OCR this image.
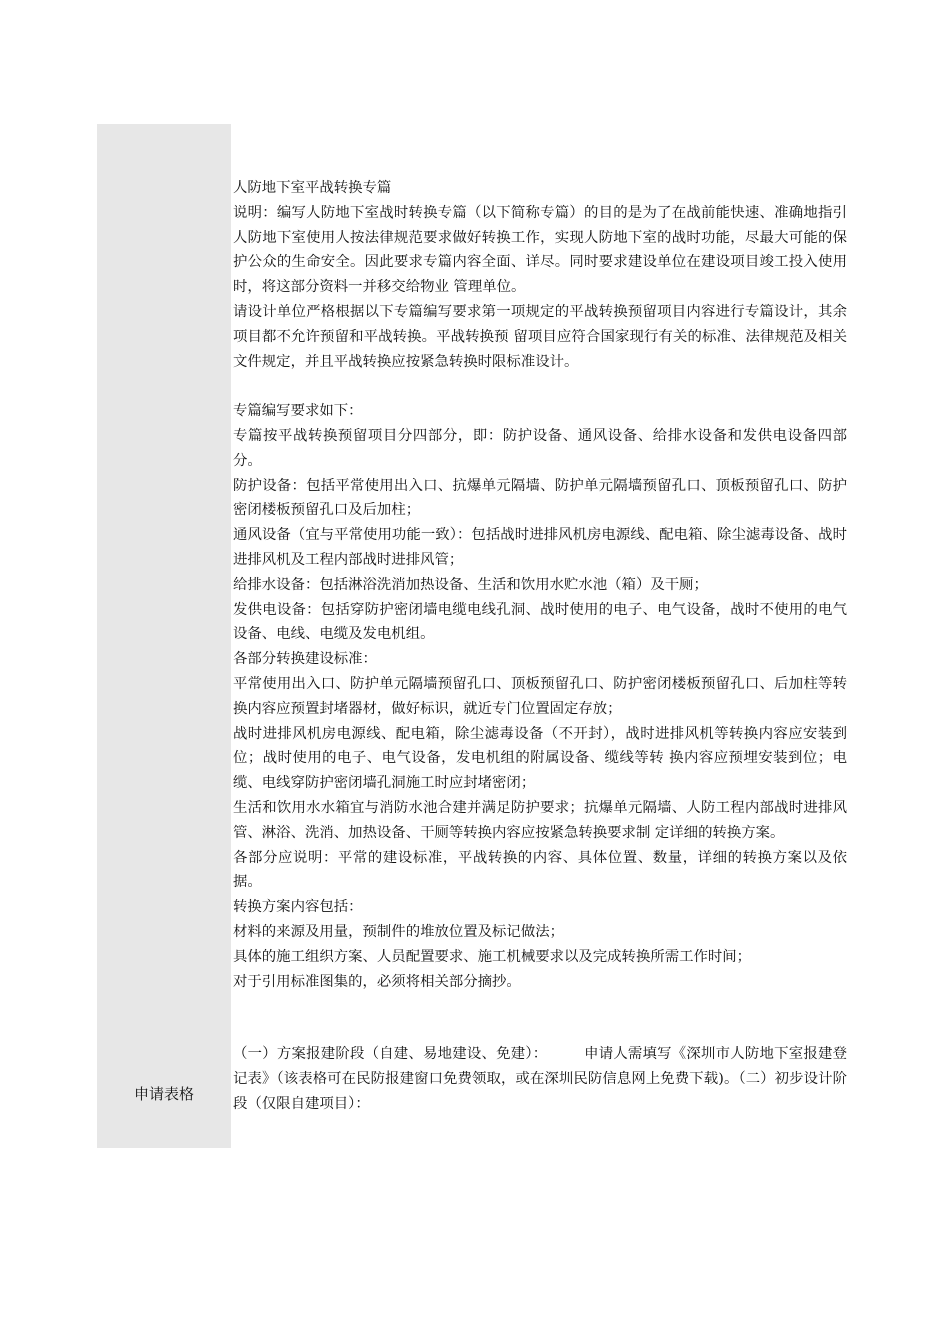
申请表格

人防地下室平战转换专篇

说明：编写人防地下室战时转换专篇（以下简称专篇）的目的是为了在战前能快速、准确地指引人防地下室使用人按法律规范要求做好转换工作，实现人防地下室的战时功能，尽最大可能的保护公众的生命安全。因此要求专篇内容全面、详尽。同时要求建设单位在建设项目竣工投入使用时，将这部分资料一并移交给物业 管理单位。

请设计单位严格根据以下专篇编写要求第一项规定的平战转换预留项目内容进行专篇设计，其余项目都不允许预留和平战转换。平战转换预 留项目应符合国家现行有关的标准、法律规范及相关文件规定，并且平战转换应按紧急转换时限标准设计。

专篇编写要求如下：

专篇按平战转换预留项目分四部分，即：防护设备、通风设备、给排水设备和发供电设备四部分。

防护设备：包括平常使用出入口、抗爆单元隔墙、防护单元隔墙预留孔口、顶板预留孔口、防护密闭楼板预留孔口及后加柱；

通风设备（宜与平常使用功能一致）：包括战时进排风机房电源线、配电箱、除尘滤毒设备、战时进排风机及工程内部战时进排风管；

给排水设备：包括淋浴洗消加热设备、生活和饮用水贮水池（箱）及干厕；

发供电设备：包括穿防护密闭墙电缆电线孔洞、战时使用的电子、电气设备，战时不使用的电气设备、电线、电缆及发电机组。

各部分转换建设标准：

平常使用出入口、防护单元隔墙预留孔口、顶板预留孔口、防护密闭楼板预留孔口、后加柱等转换内容应预置封堵器材，做好标识，就近专门位置固定存放；

战时进排风机房电源线、配电箱，除尘滤毒设备（不开封），战时进排风机等转换内容应安装到位；战时使用的电子、电气设备，发电机组的附属设备、缆线等转 换内容应预埋安装到位；电缆、电线穿防护密闭墙孔洞施工时应封堵密闭；

生活和饮用水水箱宜与消防水池合建并满足防护要求；抗爆单元隔墙、人防工程内部战时进排风管、淋浴、洗消、加热设备、干厕等转换内容应按紧急转换要求制 定详细的转换方案。

各部分应说明：平常的建设标准，平战转换的内容、具体位置、数量，详细的转换方案以及依据。

转换方案内容包括：

材料的来源及用量，预制件的堆放位置及标记做法；

具体的施工组织方案、人员配置要求、施工机械要求以及完成转换所需工作时间；

对于引用标准图集的，必须将相关部分摘抄。

（一）方案报建阶段（自建、易地建设、免建）：　　　申请人需填写《深圳市人防地下室报建登记表》（该表格可在民防报建窗口免费领取，或在深圳民防信息网上免费下载)。（二）初步设计阶段（仅限自建项目）：
